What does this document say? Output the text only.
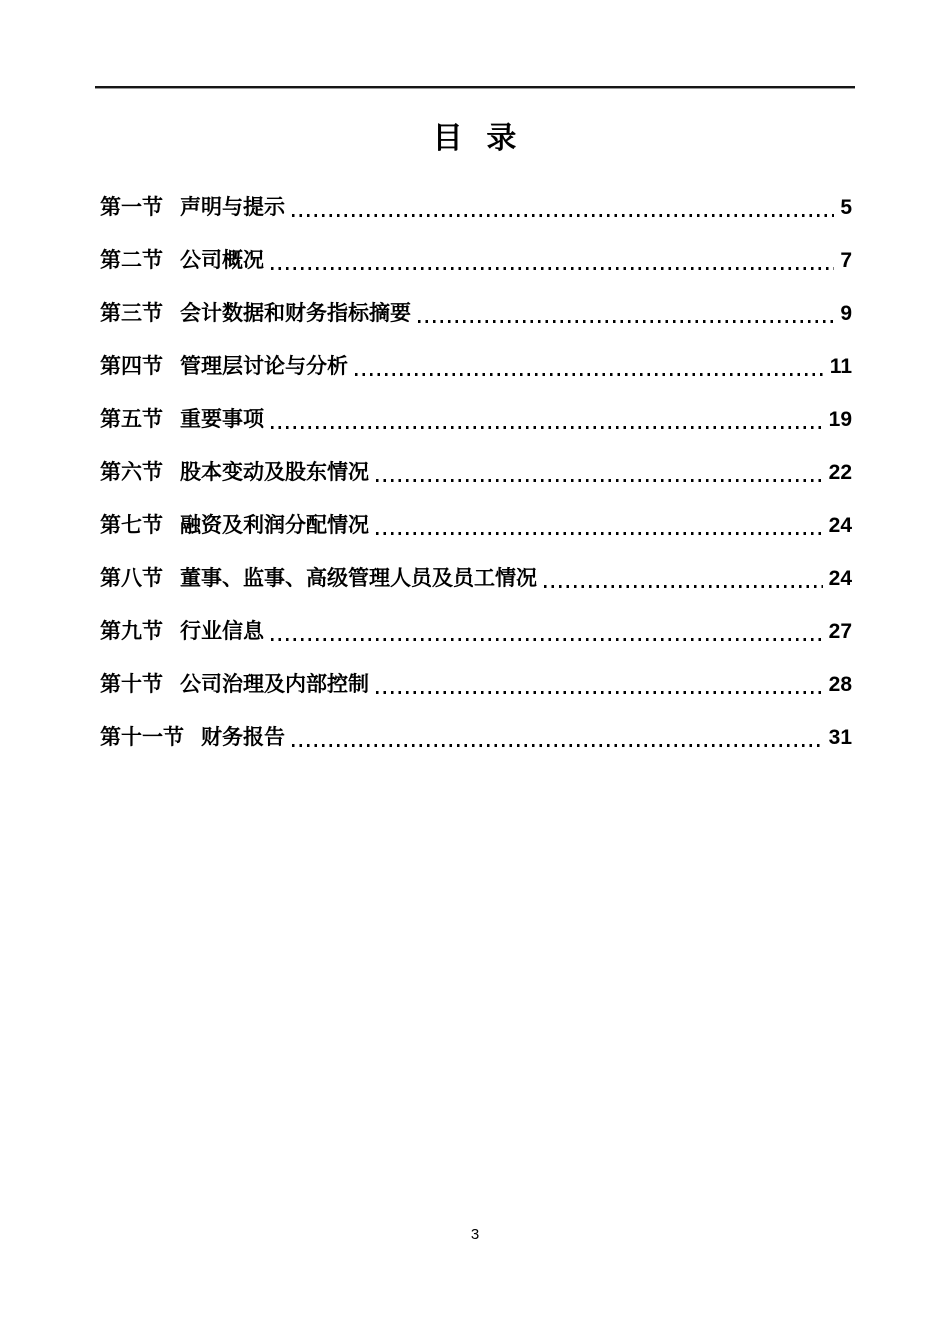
目 录
第一节 声明与提示	5
第二节 公司概况	7
第三节 会计数据和财务指标摘要	9
第四节 管理层讨论与分析	11
第五节 重要事项	19
第六节 股本变动及股东情况	22
第七节 融资及利润分配情况	24
第八节 董事、监事、高级管理人员及员工情况	24
第九节 行业信息	27
第十节 公司治理及内部控制	28
第十一节 财务报告	31
3
